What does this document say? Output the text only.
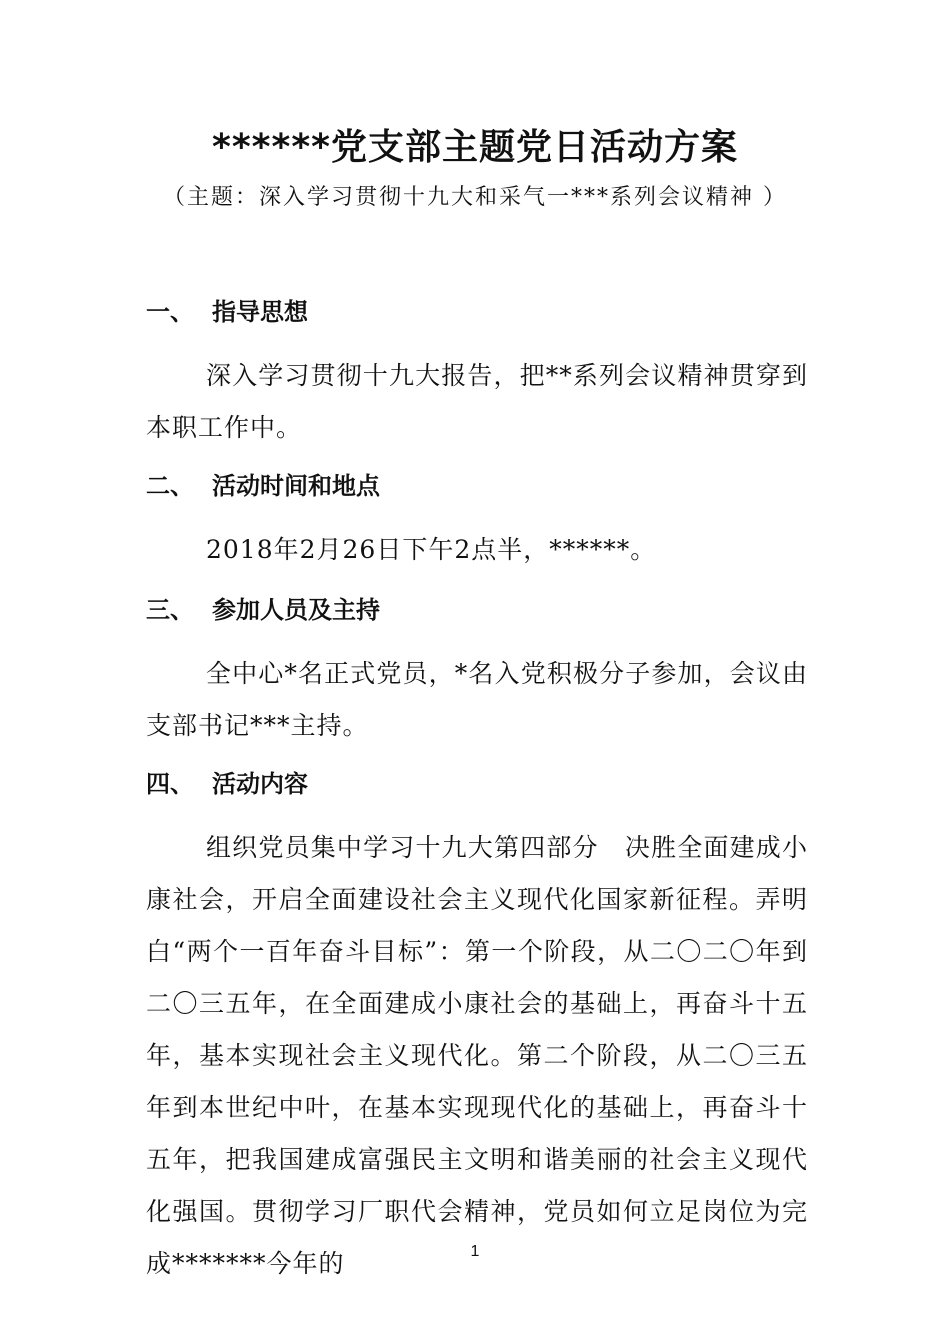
******党支部主题党日活动方案
（主题：深入学习贯彻十九大和采气一***系列会议精神 ）
一、 指导思想
深入学习贯彻十九大报告，把**系列会议精神贯穿到本职工作中。
二、 活动时间和地点
2018年2月26日下午2点半，******。
三、 参加人员及主持
全中心*名正式党员，*名入党积极分子参加，会议由支部书记***主持。
四、 活动内容
组织党员集中学习十九大第四部分　决胜全面建成小康社会，开启全面建设社会主义现代化国家新征程。弄明白“两个一百年奋斗目标”：第一个阶段，从二〇二〇年到二〇三五年，在全面建成小康社会的基础上，再奋斗十五年，基本实现社会主义现代化。第二个阶段，从二〇三五年到本世纪中叶，在基本实现现代化的基础上，再奋斗十五年，把我国建成富强民主文明和谐美丽的社会主义现代化强国。贯彻学习厂职代会精神，党员如何立足岗位为完成*******今年的	1
